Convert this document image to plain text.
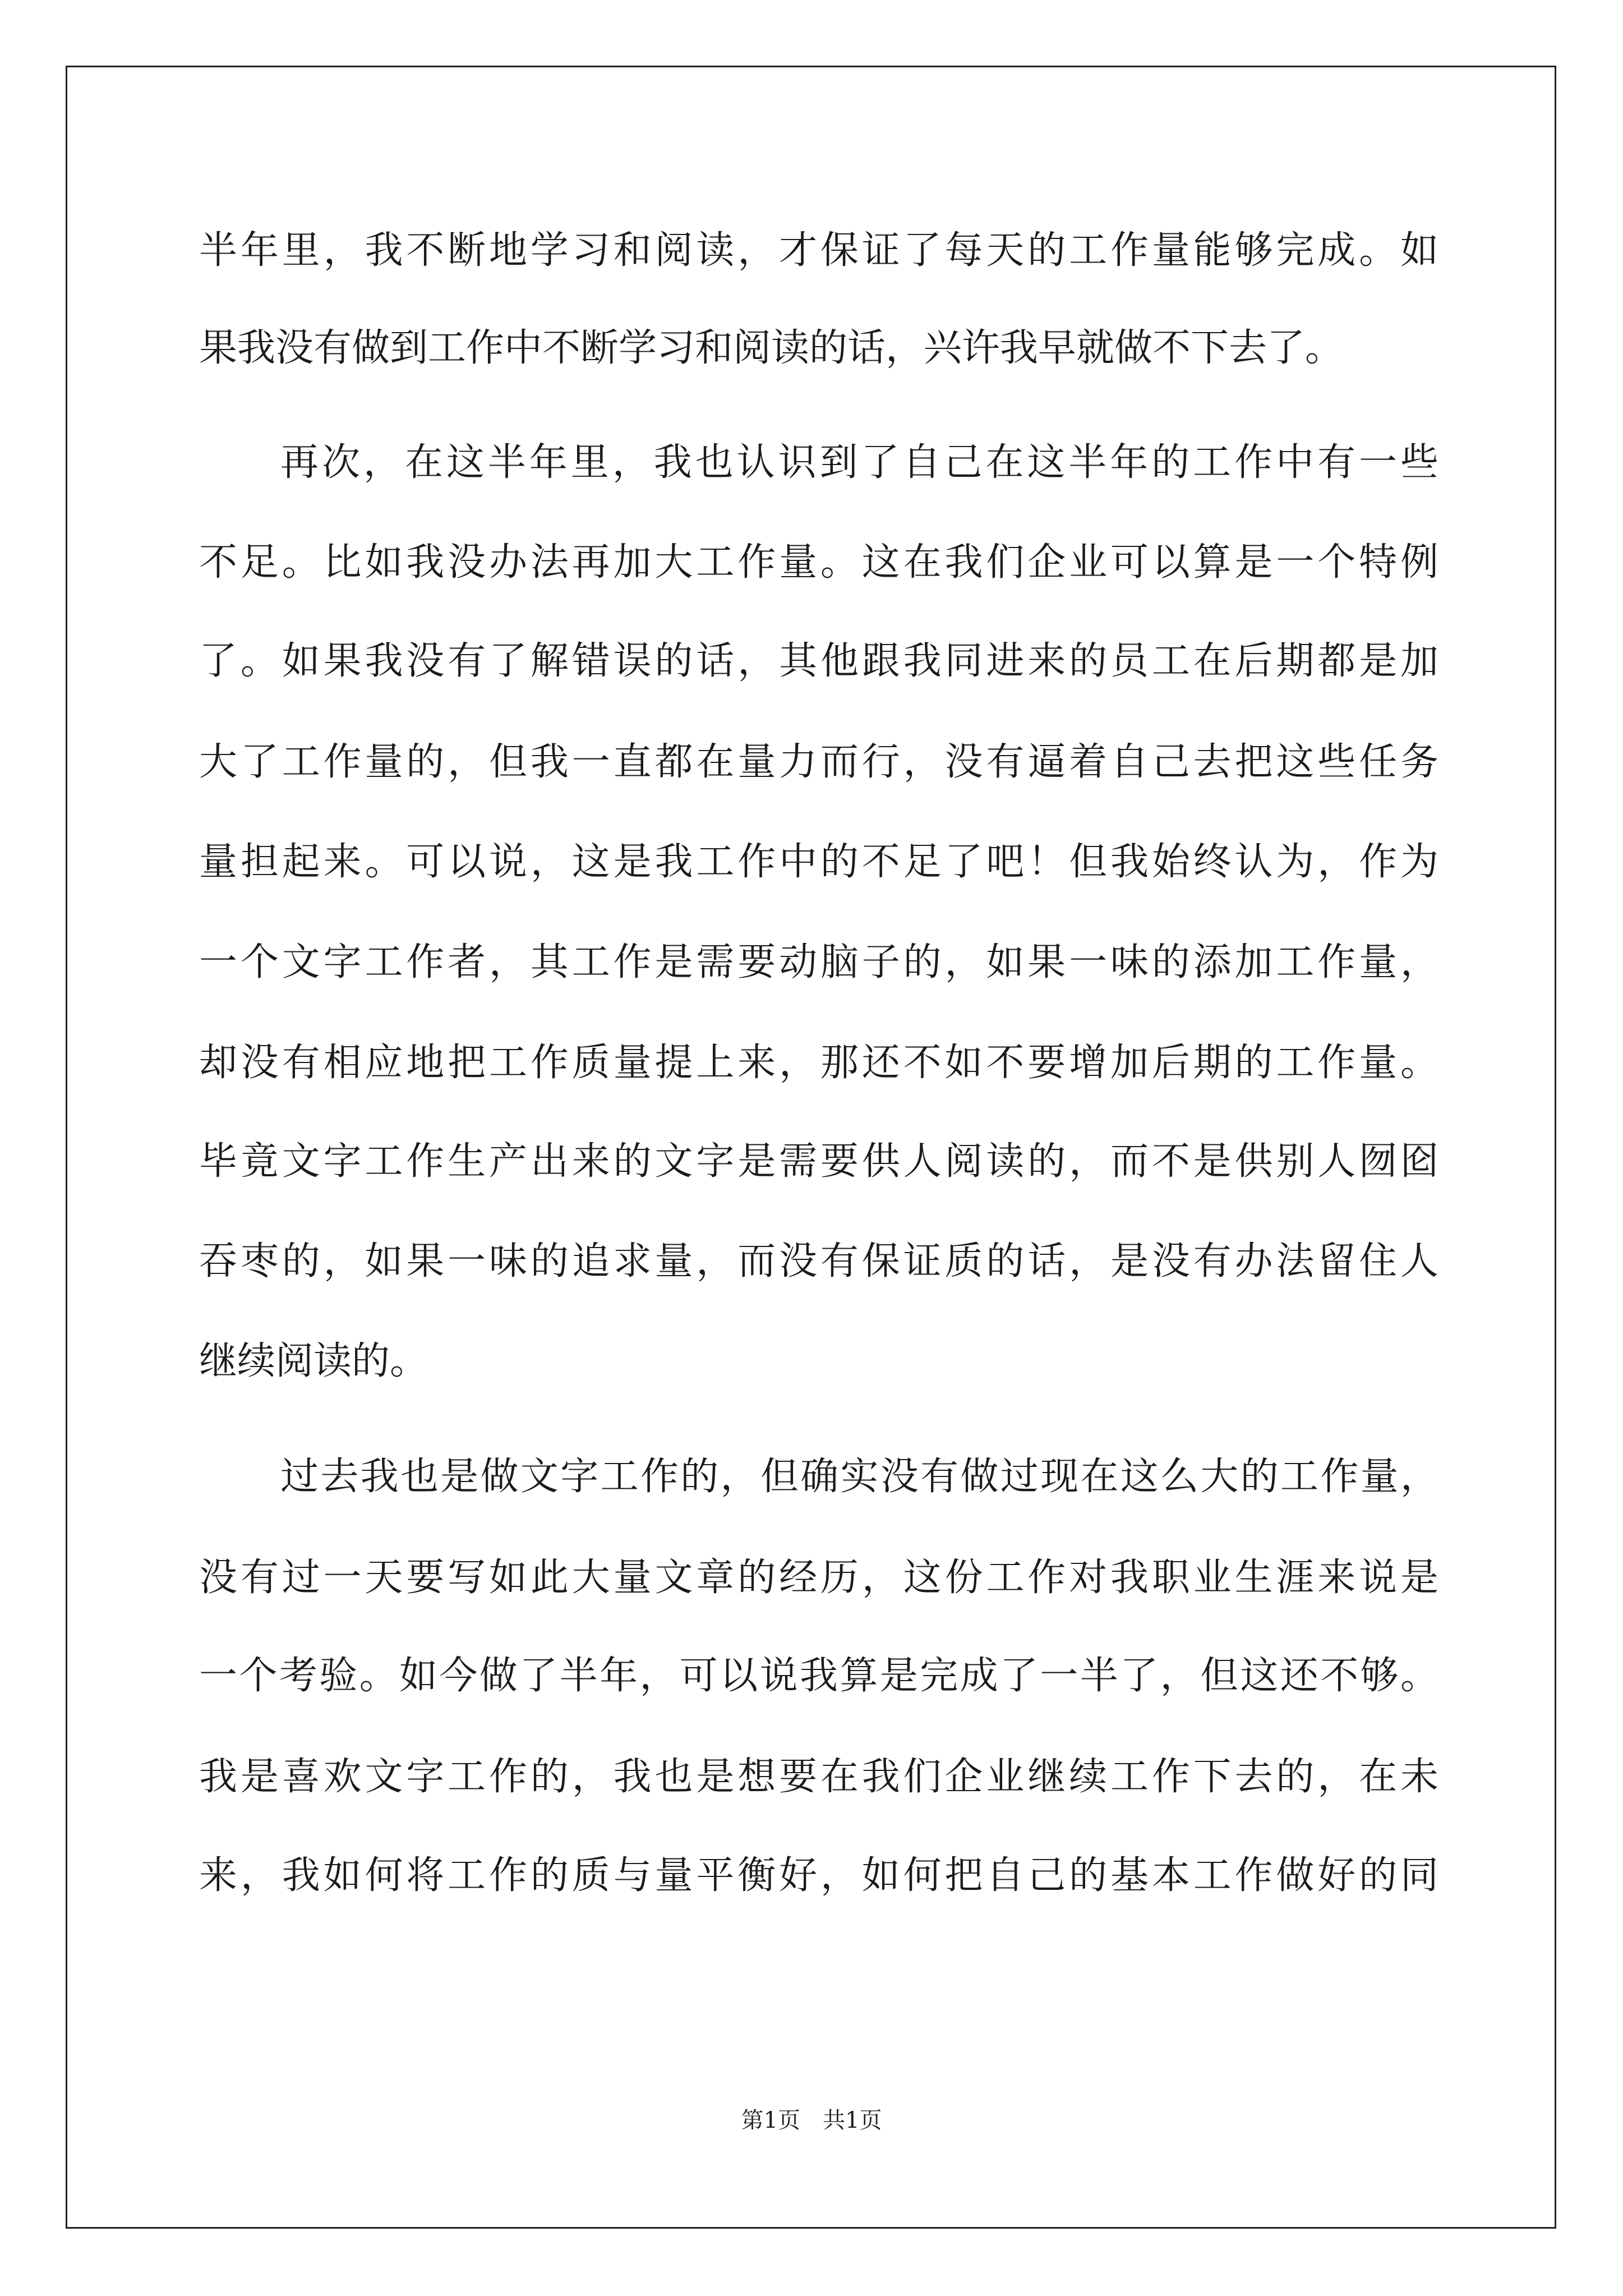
半年里，我不断地学习和阅读，才保证了每天的工作量能够完成。如
果我没有做到工作中不断学习和阅读的话，兴许我早就做不下去了。
再次，在这半年里，我也认识到了自己在这半年的工作中有一些
不足。比如我没办法再加大工作量。这在我们企业可以算是一个特例
了。如果我没有了解错误的话，其他跟我同进来的员工在后期都是加
大了工作量的，但我一直都在量力而行，没有逼着自己去把这些任务
量担起来。可以说，这是我工作中的不足了吧！但我始终认为，作为
一个文字工作者，其工作是需要动脑子的，如果一味的添加工作量，
却没有相应地把工作质量提上来，那还不如不要增加后期的工作量。
毕竟文字工作生产出来的文字是需要供人阅读的，而不是供别人囫囵
吞枣的，如果一味的追求量，而没有保证质的话，是没有办法留住人
继续阅读的。
过去我也是做文字工作的，但确实没有做过现在这么大的工作量，
没有过一天要写如此大量文章的经历，这份工作对我职业生涯来说是
一个考验。如今做了半年，可以说我算是完成了一半了，但这还不够。
我是喜欢文字工作的，我也是想要在我们企业继续工作下去的，在未
来，我如何将工作的质与量平衡好，如何把自己的基本工作做好的同
第1页　共1页
